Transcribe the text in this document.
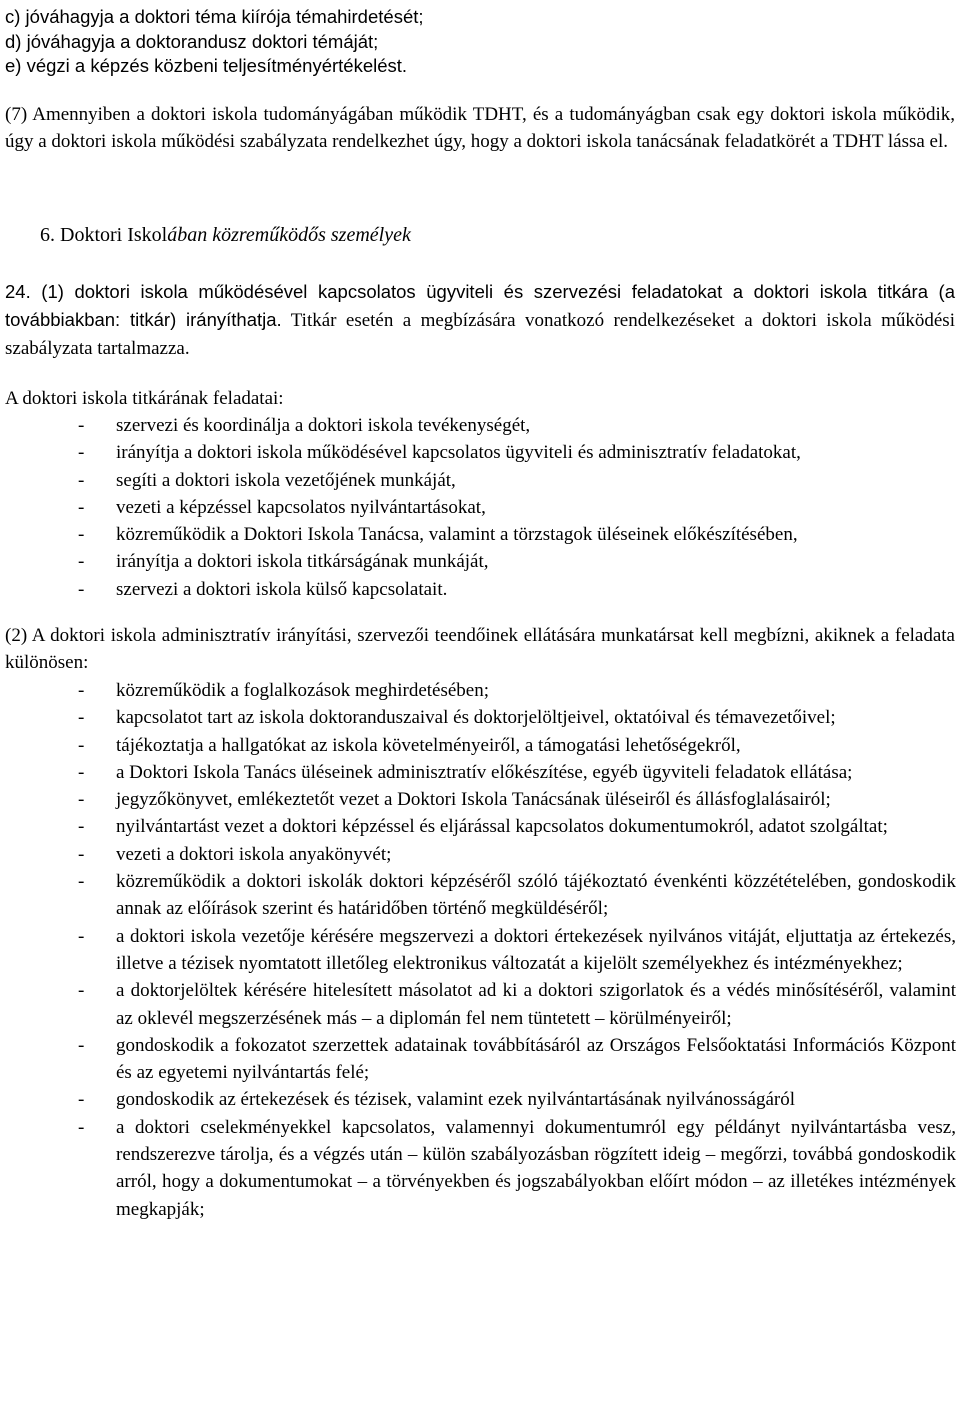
c) jóváhagyja a doktori téma kiírója témahirdetését;
d) jóváhagyja a doktorandusz doktori témáját;
e) végzi a képzés közbeni teljesítményértékelést.
(7) Amennyiben a doktori iskola tudományágában működik TDHT, és a tudományágban csak egy doktori iskola működik, úgy a doktori iskola működési szabályzata rendelkezhet úgy, hogy a doktori iskola tanácsának feladatkörét a TDHT lássa el.
6. Doktori Iskolában közreműködős személyek
24. (1) doktori iskola működésével kapcsolatos ügyviteli és szervezési feladatokat a doktori iskola titkára (a továbbiakban: titkár) irányíthatja. Titkár esetén a megbízására vonatkozó rendelkezéseket a doktori iskola működési szabályzata tartalmazza.
A doktori iskola titkárának feladatai:
- szervezi és koordinálja a doktori iskola tevékenységét,
- irányítja a doktori iskola működésével kapcsolatos ügyviteli és adminisztratív feladatokat,
- segíti a doktori iskola vezetőjének munkáját,
- vezeti a képzéssel kapcsolatos nyilvántartásokat,
- közreműködik a Doktori Iskola Tanácsa, valamint a törzstagok üléseinek előkészítésében,
- irányítja a doktori iskola titkárságának munkáját,
- szervezi a doktori iskola külső kapcsolatait.
(2) A doktori iskola adminisztratív irányítási, szervezői teendőinek ellátására munkatársat kell megbízni, akiknek a feladata különösen:
- közreműködik a foglalkozások meghirdetésében;
- kapcsolatot tart az iskola doktoranduszaival és doktorjelöltjeivel, oktatóival és témavezetőivel;
- tájékoztatja a hallgatókat az iskola követelményeiről, a támogatási lehetőségekről,
- a Doktori Iskola Tanács üléseinek adminisztratív előkészítése, egyéb ügyviteli feladatok ellátása;
- jegyzőkönyvet, emlékeztetőt vezet a Doktori Iskola Tanácsának üléseiről és állásfoglalásairól;
- nyilvántartást vezet a doktori képzéssel és eljárással kapcsolatos dokumentumokról, adatot szolgáltat;
- vezeti a doktori iskola anyakönyvét;
- közreműködik a doktori iskolák doktori képzéséről szóló tájékoztató évenkénti közzétételében, gondoskodik annak az előírások szerint és határidőben történő megküldéséről;
- a doktori iskola vezetője kérésére megszervezi a doktori értekezések nyilvános vitáját, eljuttatja az értekezés, illetve a tézisek nyomtatott illetőleg elektronikus változatát a kijelölt személyekhez és intézményekhez;
- a doktorjelöltek kérésére hitelesített másolatot ad ki a doktori szigorlatok és a védés minősítéséről, valamint az oklevél megszerzésének más – a diplomán fel nem tüntetett – körülményeiről;
- gondoskodik a fokozatot szerzettek adatainak továbbításáról az Országos Felsőoktatási Információs Központ és az egyetemi nyilvántartás felé;
- gondoskodik az értekezések és tézisek, valamint ezek nyilvántartásának nyilvánosságáról
- a doktori cselekményekkel kapcsolatos, valamennyi dokumentumról egy példányt nyilvántartásba vesz, rendszerezve tárolja, és a végzés után – külön szabályozásban rögzített ideig – megőrzi, továbbá gondoskodik arról, hogy a dokumentumokat – a törvényekben és jogszabályokban előírt módon – az illetékes intézmények megkapják;
